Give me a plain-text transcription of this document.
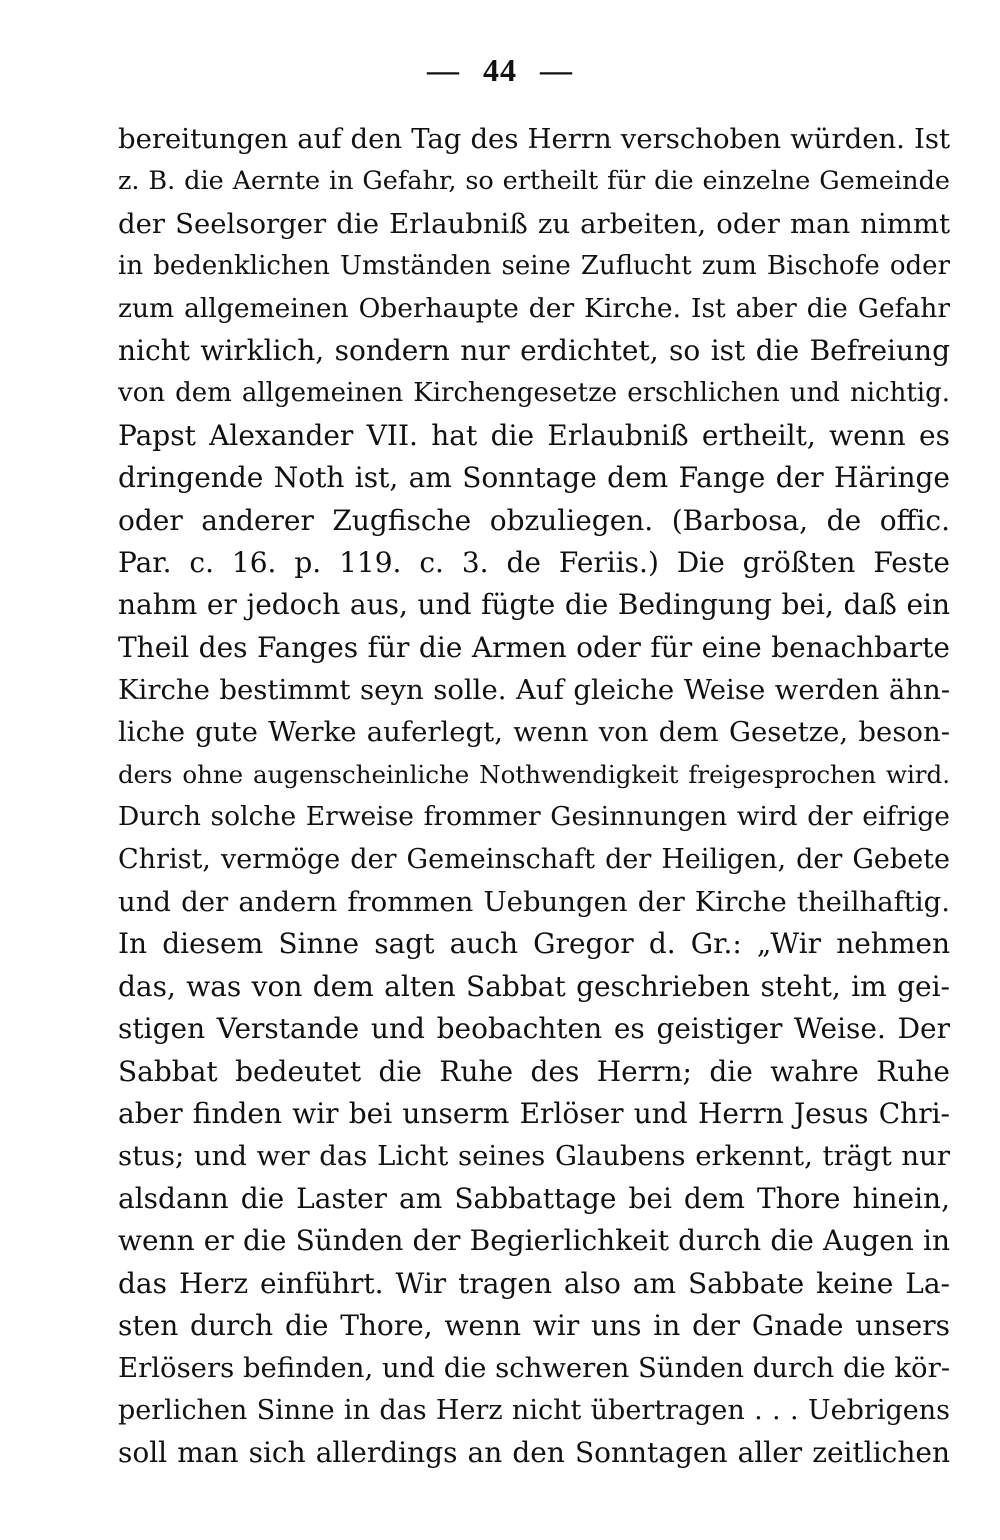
— 44 —
bereitungen auf den Tag des Herrn verschoben würden. Ist
z. B. die Aernte in Gefahr, so ertheilt für die einzelne Gemeinde
der Seelsorger die Erlaubniß zu arbeiten, oder man nimmt
in bedenklichen Umständen seine Zuflucht zum Bischofe oder
zum allgemeinen Oberhaupte der Kirche. Ist aber die Gefahr
nicht wirklich, sondern nur erdichtet, so ist die Befreiung
von dem allgemeinen Kirchengesetze erschlichen und nichtig.
Papst Alexander VII. hat die Erlaubniß ertheilt, wenn es
dringende Noth ist, am Sonntage dem Fange der Häringe
oder anderer Zugfische obzuliegen. (Barbosa, de offic.
Par. c. 16. p. 119. c. 3. de Feriis.) Die größten Feste
nahm er jedoch aus, und fügte die Bedingung bei, daß ein
Theil des Fanges für die Armen oder für eine benachbarte
Kirche bestimmt seyn solle. Auf gleiche Weise werden ähn-
liche gute Werke auferlegt, wenn von dem Gesetze, beson-
ders ohne augenscheinliche Nothwendigkeit freigesprochen wird.
Durch solche Erweise frommer Gesinnungen wird der eifrige
Christ, vermöge der Gemeinschaft der Heiligen, der Gebete
und der andern frommen Uebungen der Kirche theilhaftig.
In diesem Sinne sagt auch Gregor d. Gr.: „Wir nehmen
das, was von dem alten Sabbat geschrieben steht, im gei-
stigen Verstande und beobachten es geistiger Weise. Der
Sabbat bedeutet die Ruhe des Herrn; die wahre Ruhe
aber finden wir bei unserm Erlöser und Herrn Jesus Chri-
stus; und wer das Licht seines Glaubens erkennt, trägt nur
alsdann die Laster am Sabbattage bei dem Thore hinein,
wenn er die Sünden der Begierlichkeit durch die Augen in
das Herz einführt. Wir tragen also am Sabbate keine La-
sten durch die Thore, wenn wir uns in der Gnade unsers
Erlösers befinden, und die schweren Sünden durch die kör-
perlichen Sinne in das Herz nicht übertragen . . . Uebrigens
soll man sich allerdings an den Sonntagen aller zeitlichen
